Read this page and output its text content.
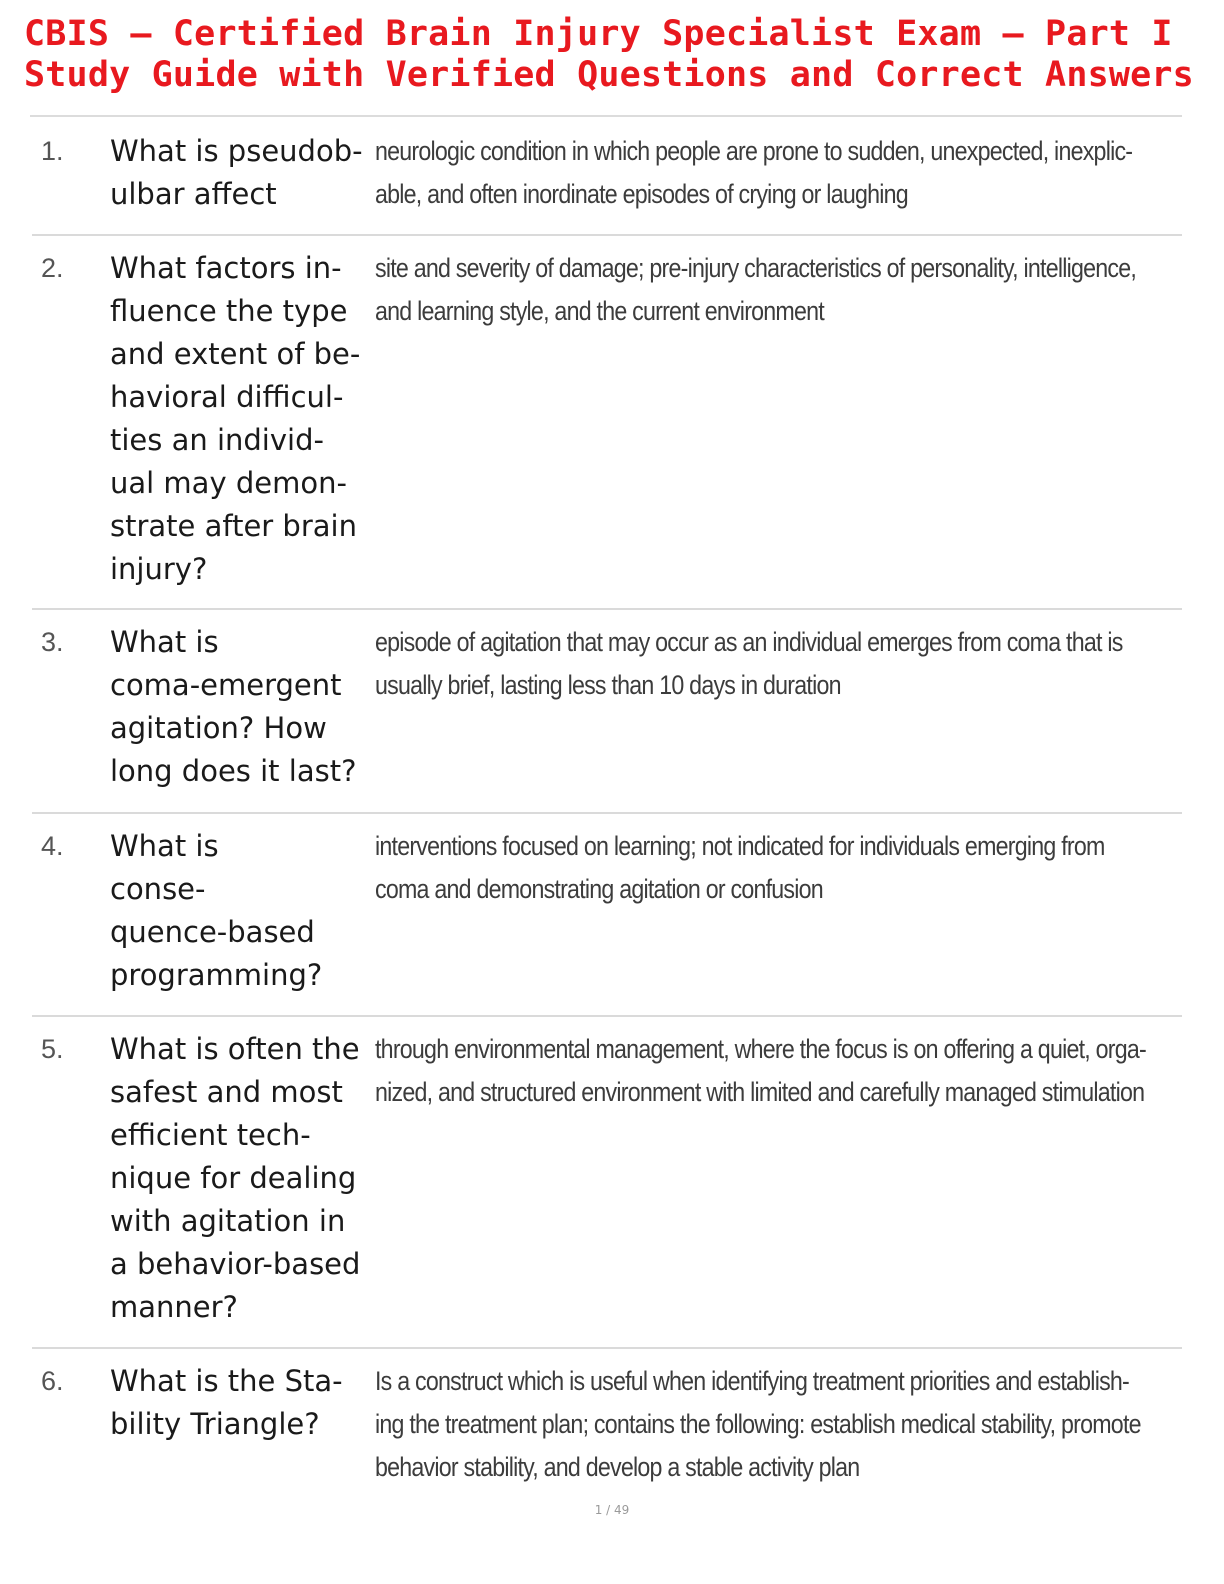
CBIS – Certified Brain Injury Specialist Exam – Part I
Study Guide with Verified Questions and Correct Answers
1. What is pseudob-
ulbar affect
neurologic condition in which people are prone to sudden, unexpected, inexplic-
able, and often inordinate episodes of crying or laughing
2. What factors in-
fluence the type
and extent of be-
havioral difficul-
ties an individ-
ual may demon-
strate after brain
injury?
site and severity of damage; pre-injury characteristics of personality, intelligence,
and learning style, and the current environment
3. What is
coma-emergent
agitation? How
long does it last?
episode of agitation that may occur as an individual emerges from coma that is
usually brief, lasting less than 10 days in duration
4. What is
conse-
quence-based
programming?
interventions focused on learning; not indicated for individuals emerging from
coma and demonstrating agitation or confusion
5. What is often the
safest and most
efficient tech-
nique for dealing
with agitation in
a behavior-based
manner?
through environmental management, where the focus is on offering a quiet, orga-
nized, and structured environment with limited and carefully managed stimulation
6. What is the Sta-
bility Triangle?
Is a construct which is useful when identifying treatment priorities and establish-
ing the treatment plan; contains the following: establish medical stability, promote
behavior stability, and develop a stable activity plan
1 / 49
